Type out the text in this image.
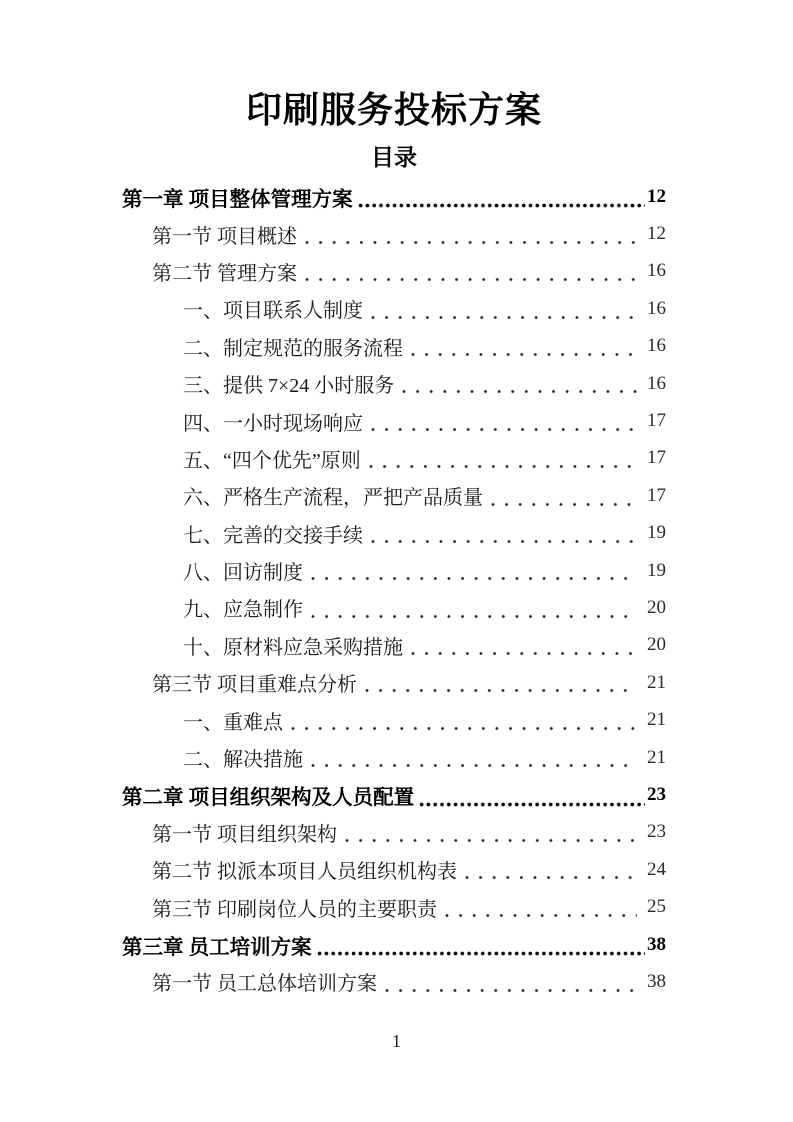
印刷服务投标方案
目录
第一章 项目整体管理方案	12
第一节 项目概述	12
第二节 管理方案	16
一、项目联系人制度	16
二、制定规范的服务流程	16
三、提供 7×24 小时服务	16
四、一小时现场响应	17
五、“四个优先”原则	17
六、严格生产流程，严把产品质量	17
七、完善的交接手续	19
八、回访制度	19
九、应急制作	20
十、原材料应急采购措施	20
第三节 项目重难点分析	21
一、重难点	21
二、解决措施	21
第二章 项目组织架构及人员配置	23
第一节 项目组织架构	23
第二节 拟派本项目人员组织机构表	24
第三节 印刷岗位人员的主要职责	25
第三章 员工培训方案	38
第一节 员工总体培训方案	38
1
